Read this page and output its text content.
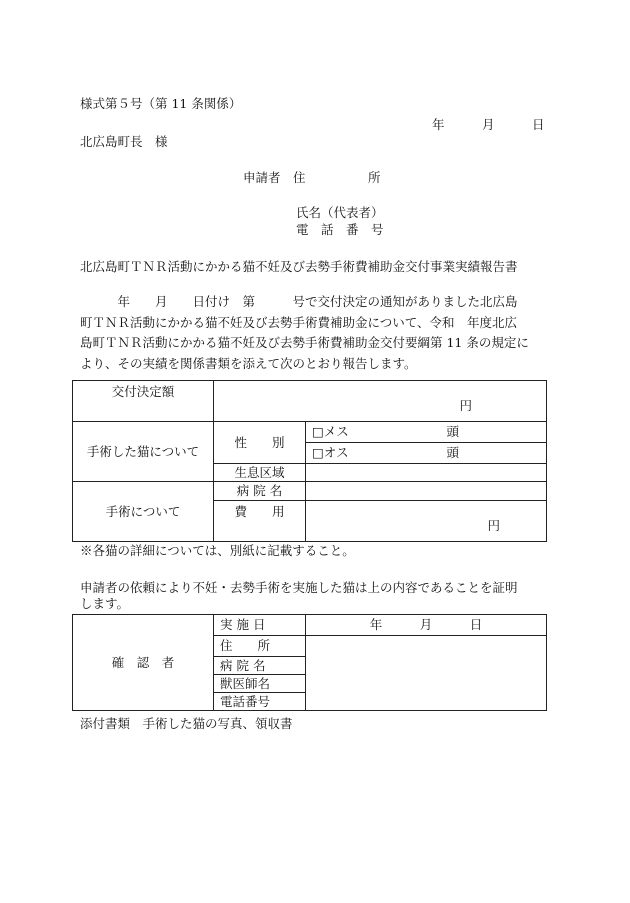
様式第５号（第 11 条関係）
年　　　月　　　日
北広島町長　様
申請者　住　　　　　所
氏名（代表者）
電　話　番　号
北広島町ＴＮＲ活動にかかる猫不妊及び去勢手術費補助金交付事業実績報告書
　　　年　　月　　日付け　第　　　号で交付決定の通知がありました北広島
町ＴＮＲ活動にかかる猫不妊及び去勢手術費補助金について、令和　年度北広
島町ＴＮＲ活動にかかる猫不妊及び去勢手術費補助金交付要綱第 11 条の規定に
より、その実績を関係書類を添えて次のとおり報告します。
交付決定額	円	
手術した猫について	性　　別	□メス 頭

		□オス 頭

	生息区域	
手術について	病 院 名	
	費　　用	円
※各猫の詳細については、別紙に記載すること。
申請者の依頼により不妊・去勢手術を実施した猫は上の内容であることを証明
します。
確　認　者	実 施 日	年　　　月　　　日
	住　　所	
	病 院 名	
	獣医師名	
	電話番号	
添付書類　手術した猫の写真、領収書
